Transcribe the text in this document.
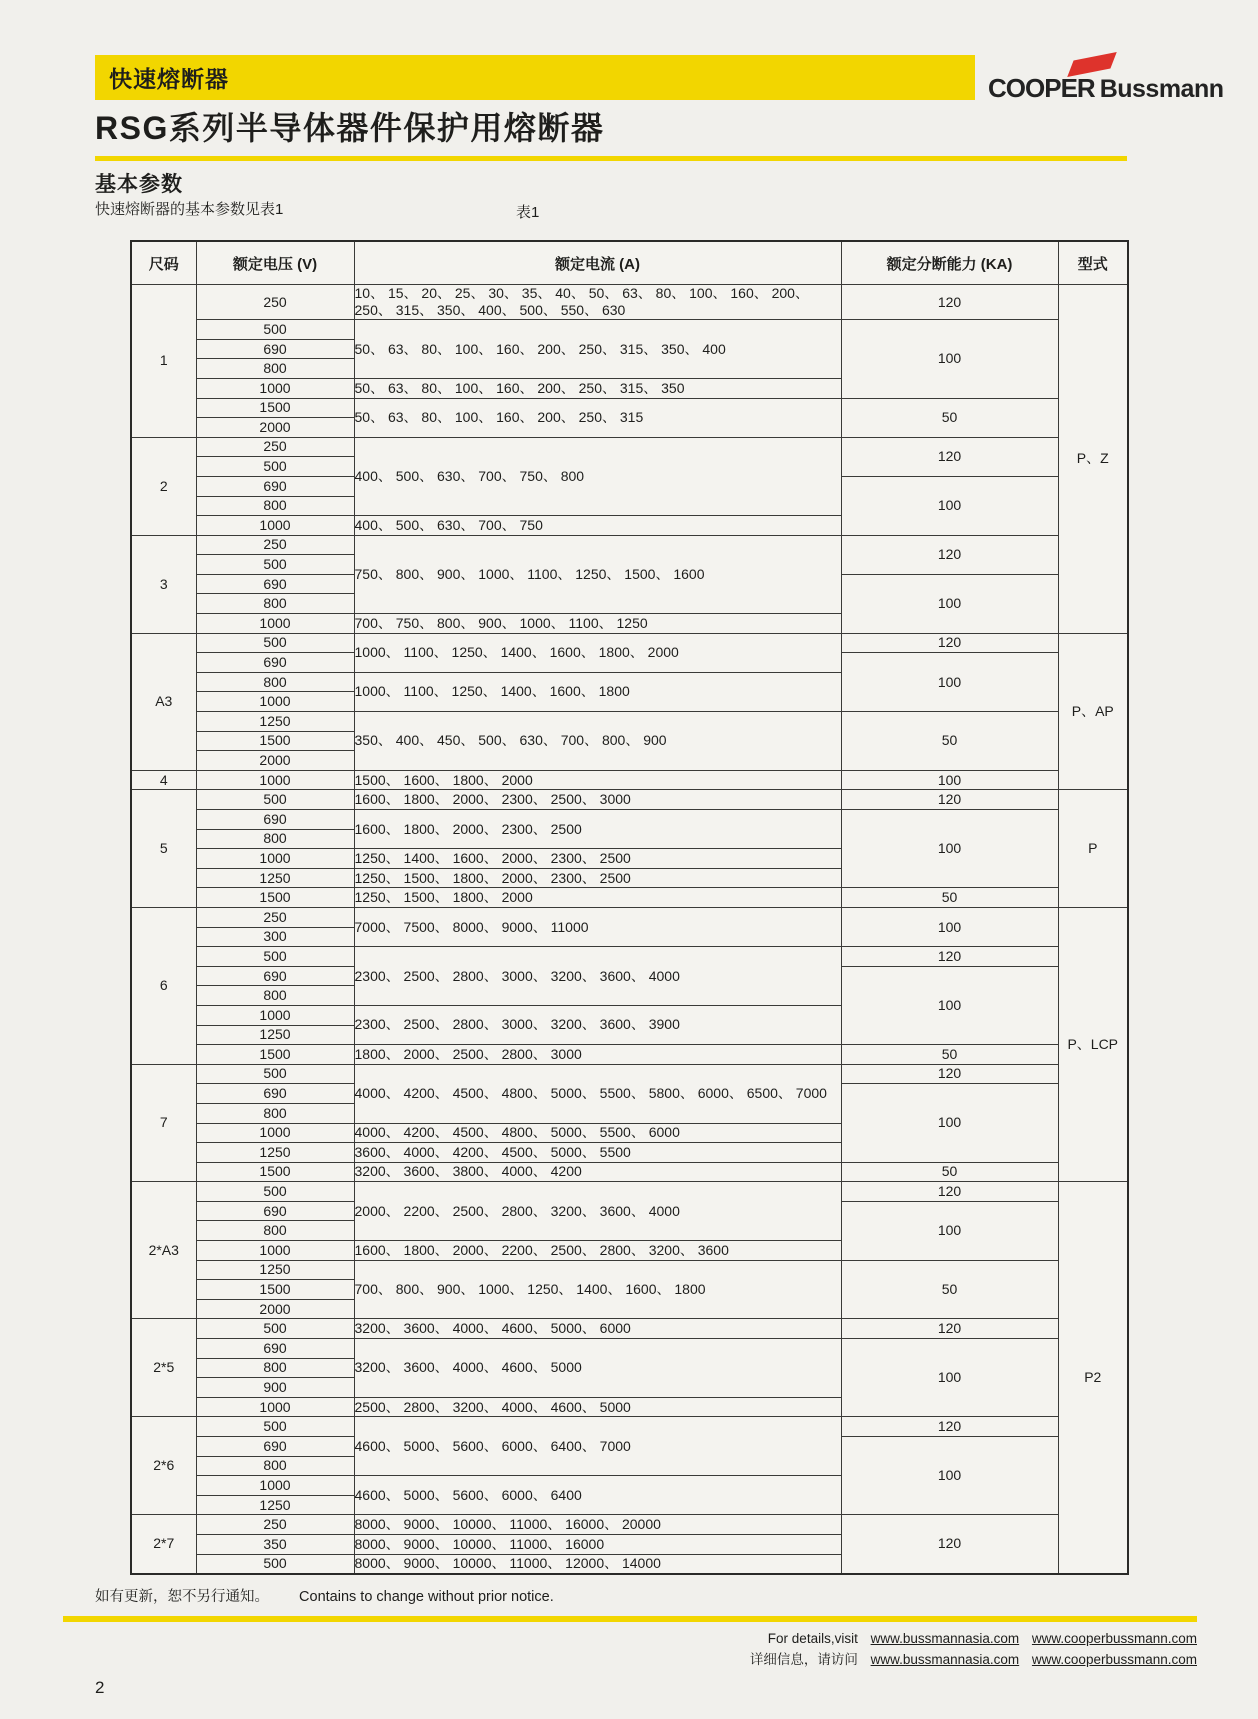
快速熔断器	COOPER Bussmann
RSG系列半导体器件保护用熔断器
基本参数
快速熔断器的基本参数见表1	表1
尺码	额定电压 (V)	额定电流 (A)	额定分断能力 (KA)	型式
1	250	10、 15、 20、 25、 30、 35、 40、 50、 63、 80、 100、 160、 200、 250、 315、 350、 400、 500、 550、 630	120	P、Z
	500	50、 63、 80、 100、 160、 200、 250、 315、 350、 400	100	
	690			
	800			
	1000	50、 63、 80、 100、 160、 200、 250、 315、 350		
	1500	50、 63、 80、 100、 160、 200、 250、 315	50	
	2000			
2	250	400、 500、 630、 700、 750、 800	120	
	500			
	690		100	
	800			
	1000	400、 500、 630、 700、 750		
3	250	750、 800、 900、 1000、 1100、 1250、 1500、 1600	120	
	500			
	690		100	
	800			
	1000	700、 750、 800、 900、 1000、 1100、 1250		
A3	500	1000、 1100、 1250、 1400、 1600、 1800、 2000	120	P、AP
	690		100	
	800	1000、 1100、 1250、 1400、 1600、 1800		
	1000			
	1250	350、 400、 450、 500、 630、 700、 800、 900	50	
	1500			
	2000			
4	1000	1500、 1600、 1800、 2000	100	
5	500	1600、 1800、 2000、 2300、 2500、 3000	120	P
	690	1600、 1800、 2000、 2300、 2500	100	
	800			
	1000	1250、 1400、 1600、 2000、 2300、 2500		
	1250	1250、 1500、 1800、 2000、 2300、 2500		
	1500	1250、 1500、 1800、 2000	50	
6	250	7000、 7500、 8000、 9000、 11000	100	P、LCP
	300			
	500	2300、 2500、 2800、 3000、 3200、 3600、 4000	120	
	690		100	
	800			
	1000	2300、 2500、 2800、 3000、 3200、 3600、 3900		
	1250			
	1500	1800、 2000、 2500、 2800、 3000	50	
7	500	4000、 4200、 4500、 4800、 5000、 5500、 5800、 6000、 6500、 7000	120	
	690		100	
	800			
	1000	4000、 4200、 4500、 4800、 5000、 5500、 6000		
	1250	3600、 4000、 4200、 4500、 5000、 5500		
	1500	3200、 3600、 3800、 4000、 4200	50	
2*A3	500	2000、 2200、 2500、 2800、 3200、 3600、 4000	120	P2
	690		100	
	800			
	1000	1600、 1800、 2000、 2200、 2500、 2800、 3200、 3600		
	1250	700、 800、 900、 1000、 1250、 1400、 1600、 1800	50	
	1500			
	2000			
2*5	500	3200、 3600、 4000、 4600、 5000、 6000	120	
	690	3200、 3600、 4000、 4600、 5000	100	
	800			
	900			
	1000	2500、 2800、 3200、 4000、 4600、 5000		
2*6	500	4600、 5000、 5600、 6000、 6400、 7000	120	
	690		100	
	800			
	1000	4600、 5000、 5600、 6000、 6400		
	1250			
2*7	250	8000、 9000、 10000、 11000、 16000、 20000	120	
	350	8000、 9000、 10000、 11000、 16000		
	500	8000、 9000、 10000、 11000、 12000、 14000		
如有更新，恕不另行通知。 Contains to change without prior notice.
For details,visit www.bussmannasia.com www.cooperbussmann.com
详细信息，请访问 www.bussmannasia.com www.cooperbussmann.com
2
